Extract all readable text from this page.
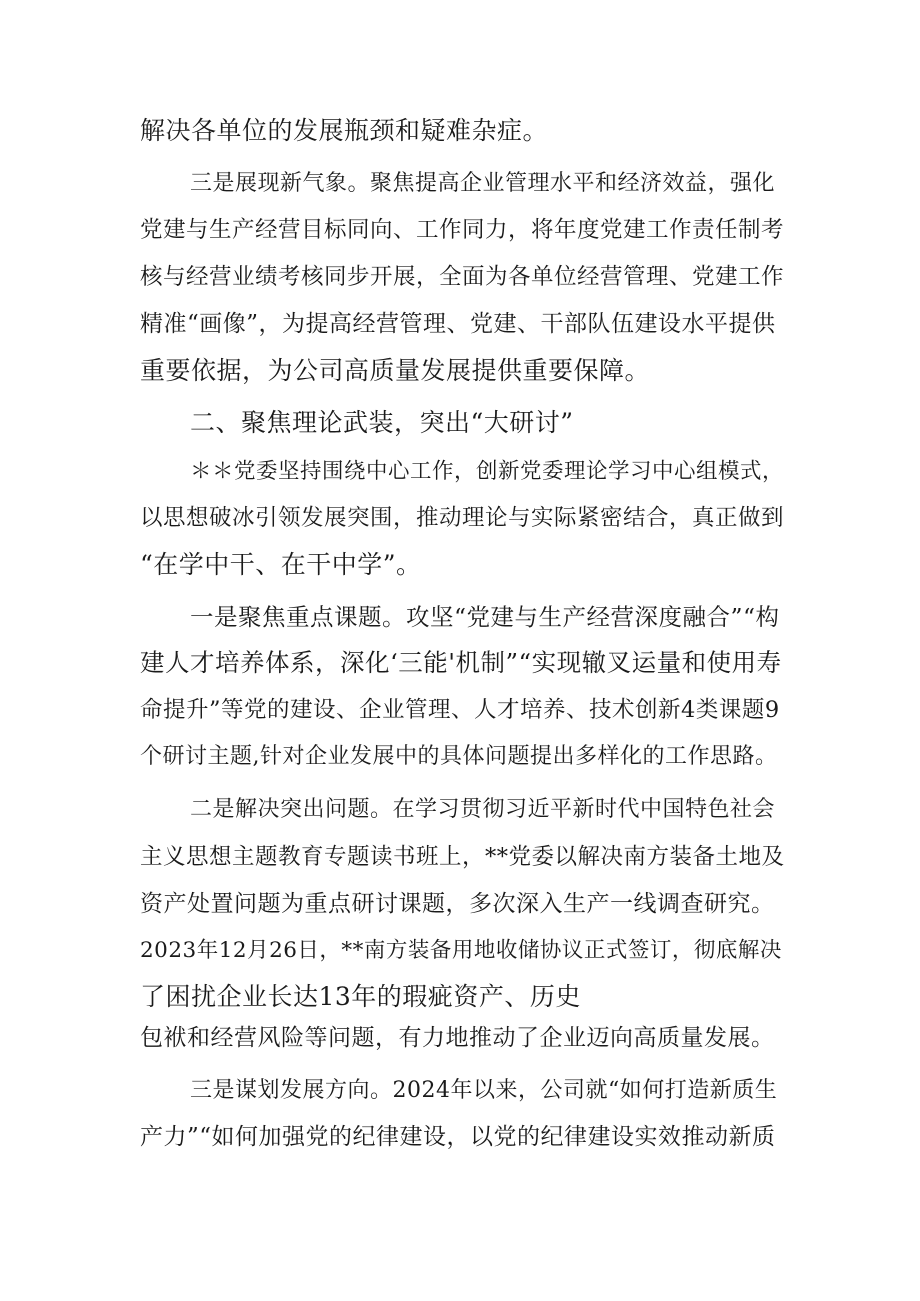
解决各单位的发展瓶颈和疑难杂症。
三是展现新气象。聚焦提高企业管理水平和经济效益，强化
党建与生产经营目标同向、工作同力，将年度党建工作责任制考
核与经营业绩考核同步开展，全面为各单位经营管理、党建工作
精准“画像”，为提高经营管理、党建、干部队伍建设水平提供
重要依据，为公司高质量发展提供重要保障。
二、聚焦理论武装，突出“大研讨”
＊＊党委坚持围绕中心工作，创新党委理论学习中心组模式，
以思想破冰引领发展突围，推动理论与实际紧密结合，真正做到
“在学中干、在干中学”。
一是聚焦重点课题。攻坚“党建与生产经营深度融合”“构
建人才培养体系，深化‘三能'机制”“实现辙叉运量和使用寿
命提升”等党的建设、企业管理、人才培养、技术创新4类课题9
个研讨主题,针对企业发展中的具体问题提出多样化的工作思路。
二是解决突出问题。在学习贯彻习近平新时代中国特色社会
主义思想主题教育专题读书班上，**党委以解决南方装备土地及
资产处置问题为重点研讨课题，多次深入生产一线调查研究。
2023年12月26日，**南方装备用地收储协议正式签订，彻底解决
了困扰企业长达13年的瑕疵资产、历史
包袱和经营风险等问题，有力地推动了企业迈向高质量发展。
三是谋划发展方向。2024年以来，公司就“如何打造新质生
产力”“如何加强党的纪律建设，以党的纪律建设实效推动新质
